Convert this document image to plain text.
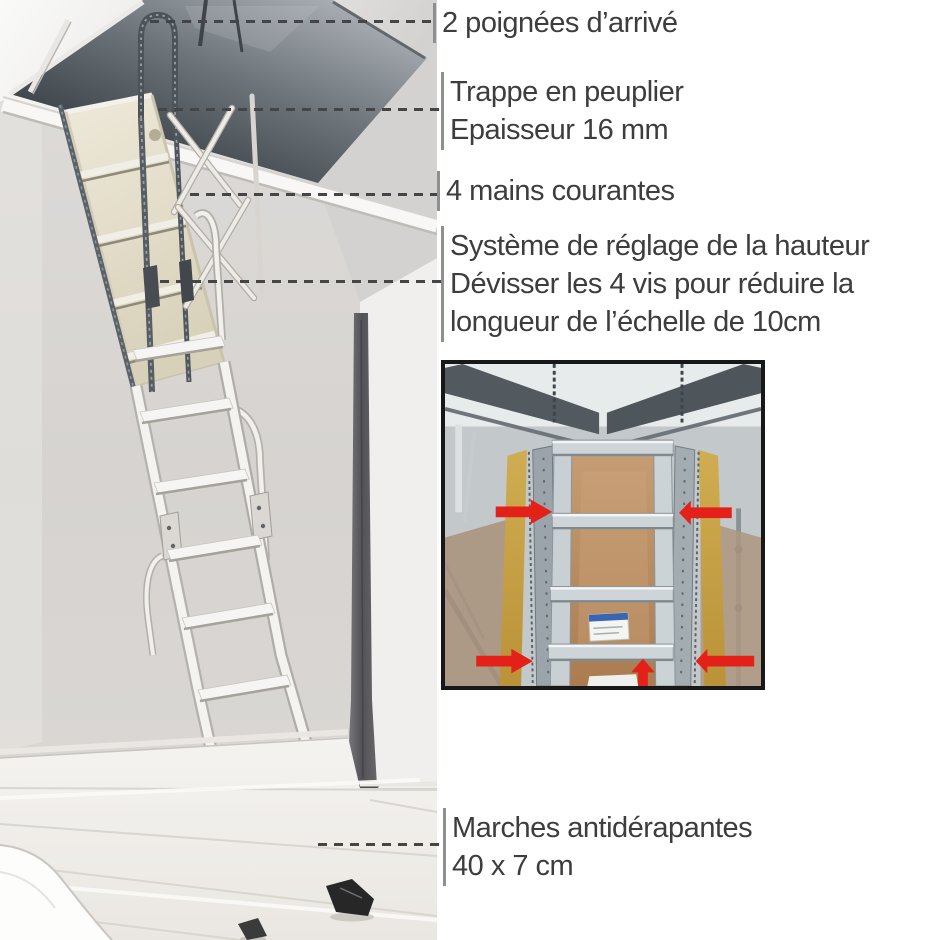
2 poignées d’arrivé
Trappe en peuplier
Epaisseur 16 mm
4 mains courantes
Système de réglage de la hauteur
Dévisser les 4 vis pour réduire la
longueur de l’échelle de 10cm
Marches antidérapantes
40 x 7 cm
